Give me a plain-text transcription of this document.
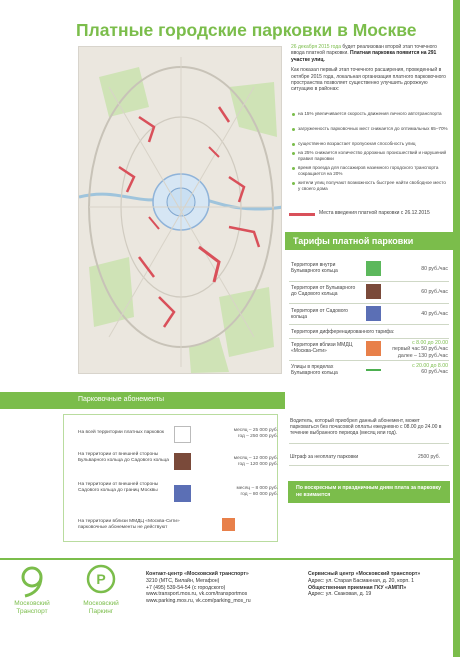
Платные городские парковки в Москве
26 декабря 2015 года будет реализован второй этап точечного ввода платной парковки. Платная парковка появится на 291 участке улиц.
Как показал первый этап точечного расширения, проведенный в октябре 2015 года, локальная организация платного парковочного пространства позволяет существенно улучшить дорожную ситуацию в районах:
на 15% увеличивается скорость движения личного автотранспорта
загруженность парковочных мест снижается до оптимальных 65–70%
существенно возрастает пропускная способность улиц
на 25% снижается количество дорожных происшествий и нарушений правил парковки
время проезда для пассажиров наземного городского транспорта сокращается на 20%
жители улиц получают возможность быстрее найти свободное место у своего дома
Места введения платной парковки с 26.12.2015
Тарифы платной парковки
Территория внутри Бульварного кольца	80 руб./час
Территория от Бульварного до Садового кольца	60 руб./час
Территория от Садового кольца	40 руб./час
Территория дифференцированного тарифа:
Территория вблизи ММДЦ «Москва-Сити»
с 8.00 до 20.00
первый час 50 руб./час
далее – 130 руб./час
Улицы в пределах Бульварного кольца
с 20.00 до 8.00
60 руб./час
Парковочные абонементы
На всей территории платных парковок	месяц – 25 000 руб.
год – 250 000 руб.
На территории от внешней стороны Бульварного кольца до Садового кольца	месяц – 12 000 руб.
год – 120 000 руб.
На территории от внешней стороны Садового кольца до границ Москвы	месяц – 8 000 руб.
год – 80 000 руб.
На территории вблизи ММДЦ «Москва-Сити» парковочные абонементы не действуют
Водитель, который приобрел данный абонемент, может парковаться без почасовой оплаты ежедневно с 08.00 до 24.00 в течение выбранного периода (месяц или год).
Штраф за неоплату парковки	2500 руб.
По воскресным и праздничным дням плата за парковку не взимается
Московский Транспорт
P
Московский Паркинг
Контакт-центр «Московский транспорт»
3210 (МТС, Билайн, Мегафон)
+7 (495) 539-54-54 (с городского)
www.transport.mos.ru, vk.com/transportmos
www.parking.mos.ru, vk.com/parking_mos_ru
Сервисный центр «Московский транспорт»
Адрес: ул. Старая Басманная, д. 20, корп. 1
Общественная приемная ГКУ «АМПП»
Адрес: ул. Скаковая, д. 19
